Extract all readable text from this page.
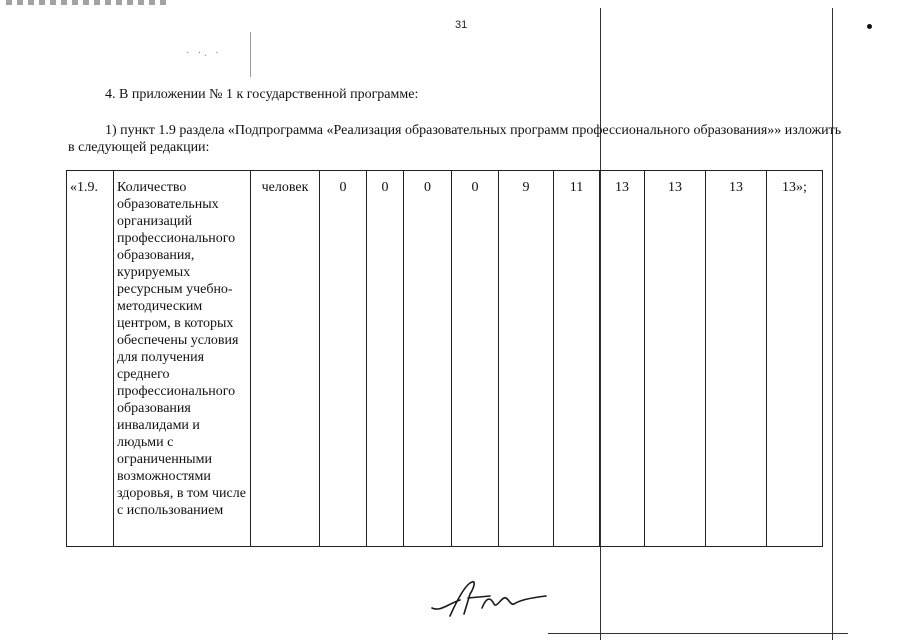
31
· ·. ·

4. В приложении № 1 к государственной программе:

1) пункт 1.9 раздела «Подпрограмма «Реализация образовательных программ профессионального образования»» изложить в следующей редакции:

«1.9.	Количество образовательных организаций профессионального образования, курируемых ресурсным учебно-методическим центром, в которых обеспечены условия для получения среднего профессионального образования инвалидами и людьми с ограниченными возможностями здоровья, в том числе с использованием	человек	0	0	0	0	9	11	13	13	13	13»;
